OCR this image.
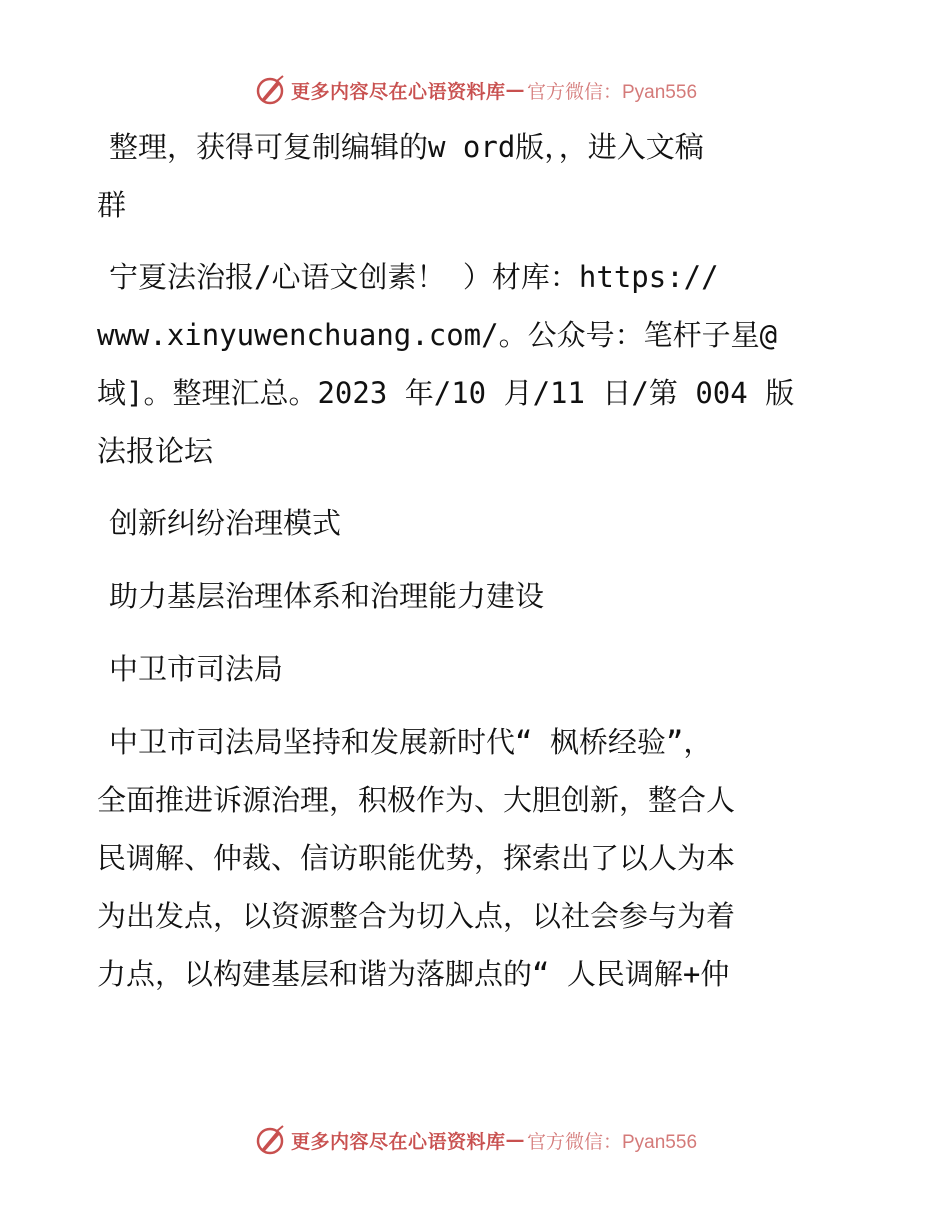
更多内容尽在心语资料库 — 官方微信：Pyan556
整理，获得可复制编辑的w ord版，，进入文稿
群
宁夏法治报/心语文创素！ ）材库：https://
www.xinyuwenchuang.com/。公众号：笔杆子星@
域]。整理汇总。2023 年/10 月/11 日/第 004 版
法报论坛
创新纠纷治理模式
助力基层治理体系和治理能力建设
中卫市司法局
中卫市司法局坚持和发展新时代“ 枫桥经验”，
全面推进诉源治理，积极作为、大胆创新，整合人
民调解、仲裁、信访职能优势，探索出了以人为本
为出发点，以资源整合为切入点，以社会参与为着
力点，以构建基层和谐为落脚点的“ 人民调解+仲
更多内容尽在心语资料库 — 官方微信：Pyan556
